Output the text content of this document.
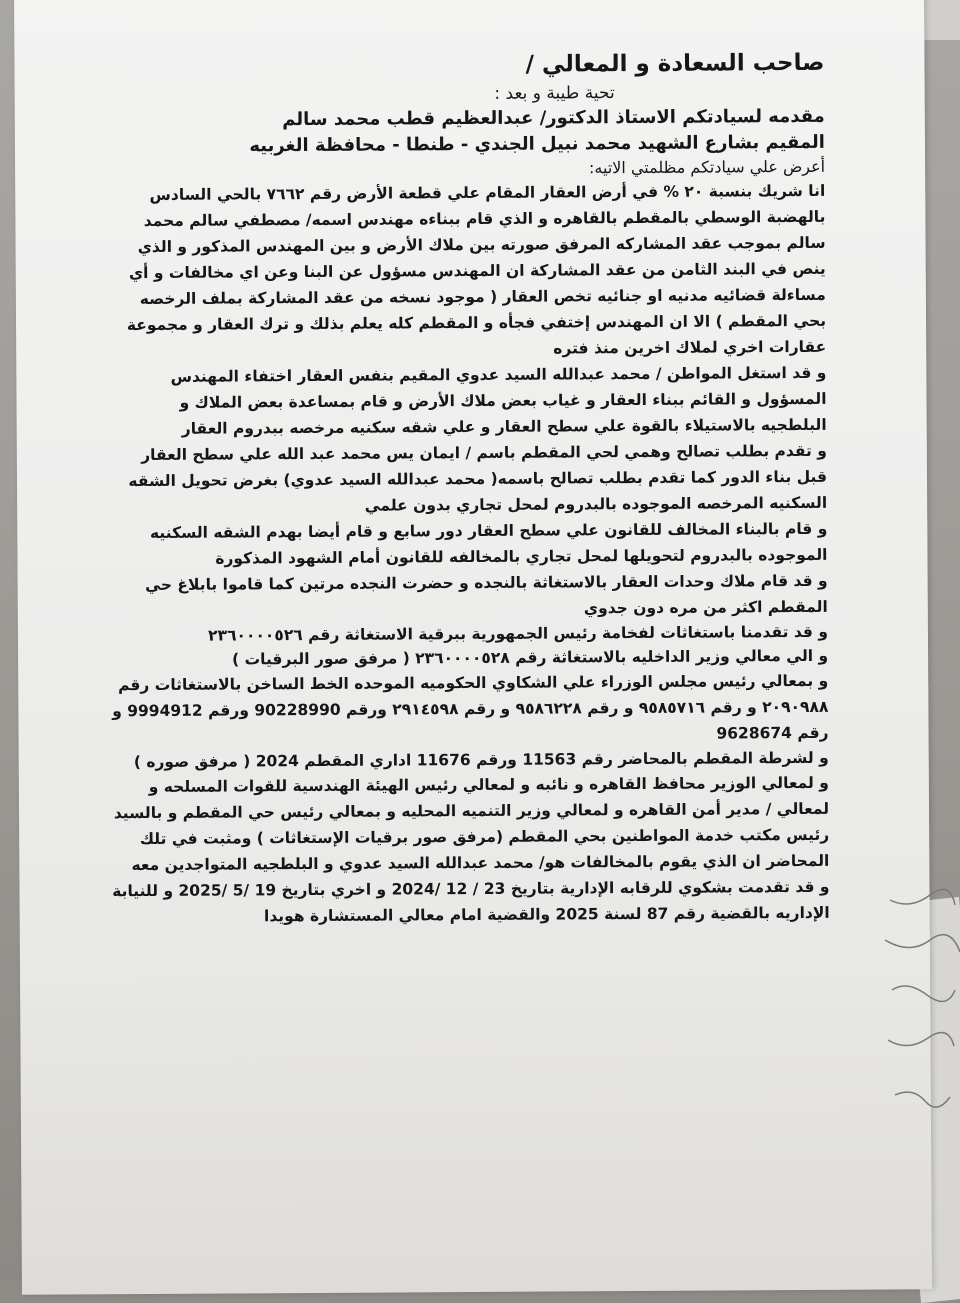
صاحب السعادة و المعالي /

تحية طيبة و بعد :

مقدمه لسيادتكم الاستاذ الدكتور/ عبدالعظيم قطب محمد سالم

المقيم بشارع الشهيد محمد نبيل الجندي - طنطا - محافظة الغربيه

أعرض علي سيادتكم مظلمتي الاتيه:

انا شريك بنسبة ٢٠ % في أرض العقار المقام علي قطعة الأرض رقم ٧٦٦٢ بالحي السادس بالهضبة الوسطي بالمقطم بالقاهره و الذي قام ببناءه مهندس اسمه/ مصطفي سالم محمد سالم بموجب عقد المشاركه المرفق صورته بين ملاك الأرض و بين المهندس المذكور و الذي ينص في البند الثامن من عقد المشاركة ان المهندس مسؤول عن البنا وعن اي مخالفات و أي مساءلة قضائيه مدنيه او جنائيه تخص العقار ( موجود نسخه من عقد المشاركة بملف الرخصه بحي المقطم ) الا ان المهندس إختفي فجأه و المقطم كله يعلم بذلك و ترك العقار و مجموعة عقارات اخري لملاك اخرين منذ فتره

و قد استغل المواطن / محمد عبدالله السيد عدوي المقيم بنفس العقار اختفاء المهندس المسؤول و القائم ببناء العقار و غياب بعض ملاك الأرض و قام بمساعدة بعض الملاك و البلطجيه بالاستيلاء بالقوة علي سطح العقار و علي شقه سكنيه مرخصه ببدروم العقار

و تقدم بطلب تصالح وهمي لحي المقطم باسم / ايمان يس محمد عبد الله علي سطح العقار قبل بناء الدور كما تقدم بطلب تصالح باسمه( محمد عبدالله السيد عدوي) بغرض تحويل الشقه السكنيه المرخصه الموجوده بالبدروم لمحل تجاري بدون علمي

و قام بالبناء المخالف للقانون علي سطح العقار دور سابع و قام أيضا بهدم الشقه السكنيه الموجوده بالبدروم لتحويلها لمحل تجاري بالمخالفه للقانون أمام الشهود المذكورة

و قد قام ملاك وحدات العقار بالاستغاثة بالنجده و حضرت النجده مرتين كما قاموا بابلاغ حي المقطم اكثر من مره دون جدوي

و قد تقدمنا باستغاثات لفخامة رئيس الجمهورية ببرقية الاستغاثة رقم ٢٣٦٠٠٠٠٥٢٦

و الي معالي وزير الداخليه بالاستغاثة رقم ٢٣٦٠٠٠٠٥٢٨ ( مرفق صور البرقيات )

و بمعالي رئيس مجلس الوزراء علي الشكاوي الحكوميه الموحده الخط الساخن بالاستغاثات رقم ٢٠٩٠٩٨٨ و رقم ٩٥٨٥٧١٦ و رقم ٩٥٨٦٢٢٨ و رقم ٢٩١٤٥٩٨ ورقم 90228990 ورقم 9994912 و رقم 9628674

و لشرطة المقطم بالمحاضر رقم 11563 ورقم 11676 اداري المقطم 2024 ( مرفق صوره )

و لمعالي الوزير محافظ القاهره و نائبه و لمعالي رئيس الهيئة الهندسية للقوات المسلحه و لمعالي / مدير أمن القاهره و لمعالي وزير التنميه المحليه و بمعالي رئيس حي المقطم و بالسيد رئيس مكتب خدمة المواطنين بحي المقطم (مرفق صور برقيات الإستغاثات ) ومثبت في تلك المحاضر ان الذي يقوم بالمخالفات هو/ محمد عبدالله السيد عدوي و البلطجيه المتواجدين معه

و قد تقدمت بشكوي للرقابه الإدارية بتاريخ 23 / 12 /2024 و اخري بتاريخ 19 /5 /2025 و للنيابة الإداريه بالقضية رقم 87 لسنة 2025 والقضية امام معالي المستشارة هويدا
